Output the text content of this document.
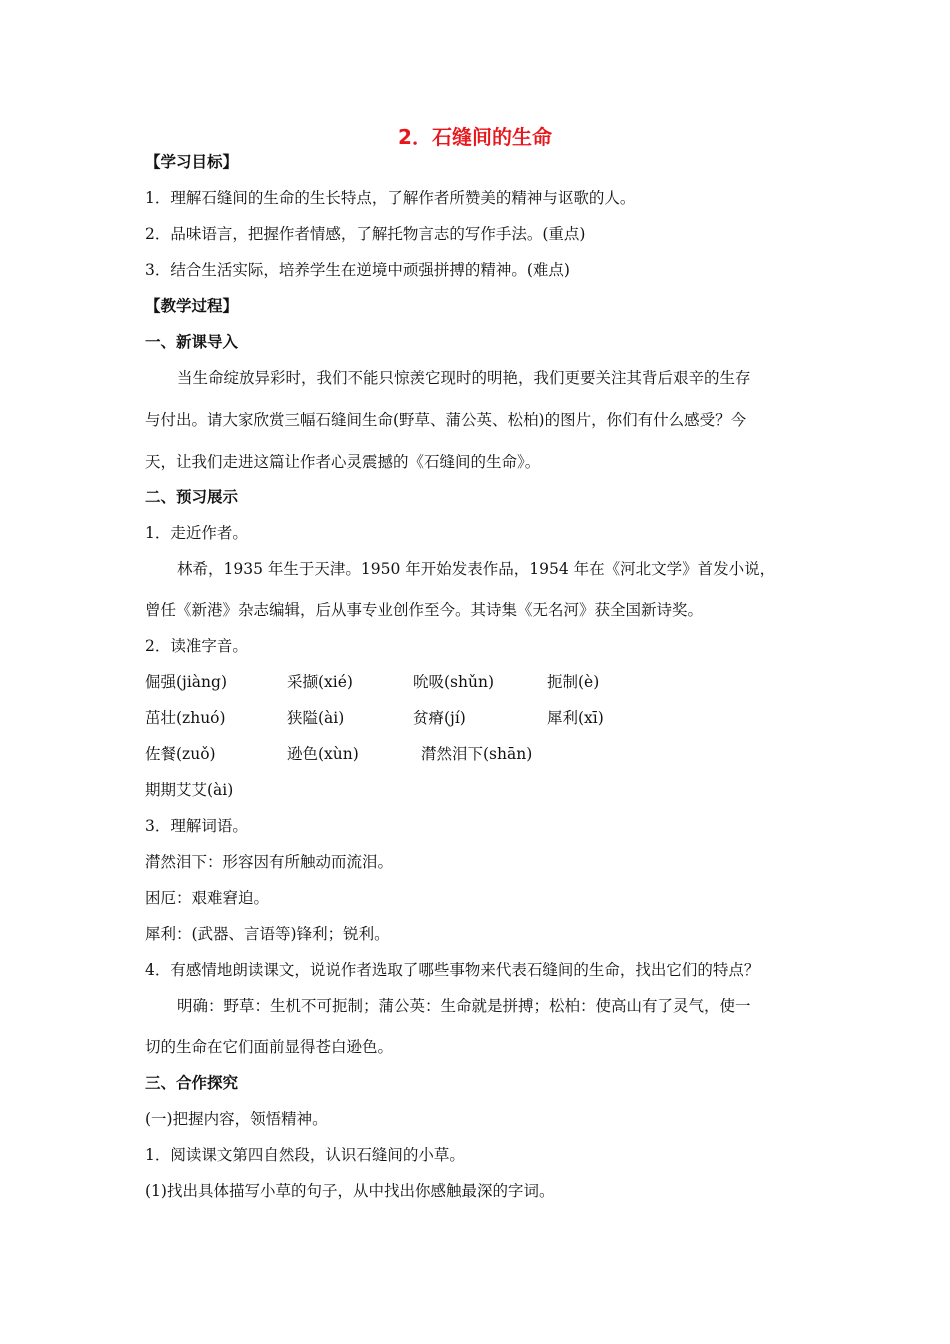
2．石缝间的生命
【学习目标】
1．理解石缝间的生命的生长特点，了解作者所赞美的精神与讴歌的人。
2．品味语言，把握作者情感，了解托物言志的写作手法。(重点)
3．结合生活实际，培养学生在逆境中顽强拼搏的精神。(难点)
【教学过程】
一、新课导入
当生命绽放异彩时，我们不能只惊羡它现时的明艳，我们更要关注其背后艰辛的生存
与付出。请大家欣赏三幅石缝间生命(野草、蒲公英、松柏)的图片，你们有什么感受？今
天，让我们走进这篇让作者心灵震撼的《石缝间的生命》。
二、预习展示
1．走近作者。
林希，1935 年生于天津。1950 年开始发表作品，1954 年在《河北文学》首发小说，
曾任《新港》杂志编辑，后从事专业创作至今。其诗集《无名河》获全国新诗奖。
2．读准字音。
倔强(jiàng)	采撷(xié)	吮吸(shǔn)	扼制(è)
茁壮(zhuó)	狭隘(ài)	贫瘠(jí)	犀利(xī)
佐餐(zuǒ)	逊色(xùn)	潸然泪下(shān)
期期艾艾(ài)
3．理解词语。
潸然泪下：形容因有所触动而流泪。
困厄：艰难窘迫。
犀利：(武器、言语等)锋利；锐利。
4．有感情地朗读课文，说说作者选取了哪些事物来代表石缝间的生命，找出它们的特点？
明确：野草：生机不可扼制；蒲公英：生命就是拼搏；松柏：使高山有了灵气，使一
切的生命在它们面前显得苍白逊色。
三、合作探究
(一)把握内容，领悟精神。
1．阅读课文第四自然段，认识石缝间的小草。
(1)找出具体描写小草的句子，从中找出你感触最深的字词。
